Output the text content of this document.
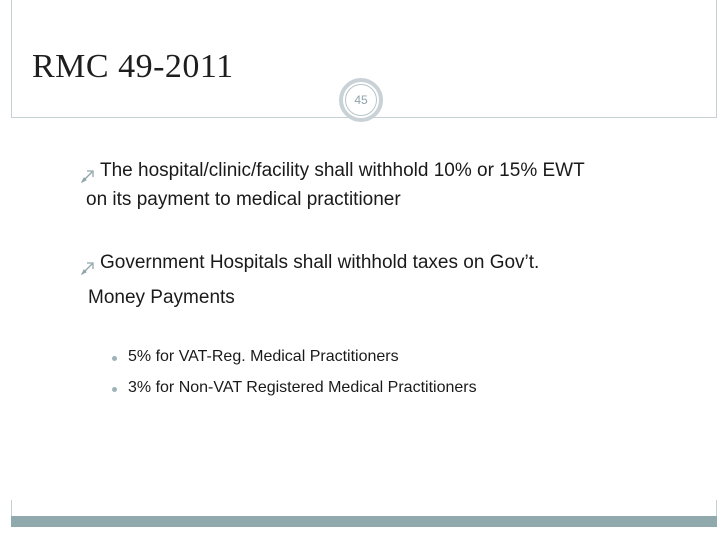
RMC 49-2011
45
The hospital/clinic/facility shall withhold 10% or 15% EWT
on its payment to medical practitioner
Government Hospitals shall withhold taxes on Gov’t.
Money Payments
5% for VAT-Reg. Medical Practitioners
3% for Non-VAT Registered Medical Practitioners
